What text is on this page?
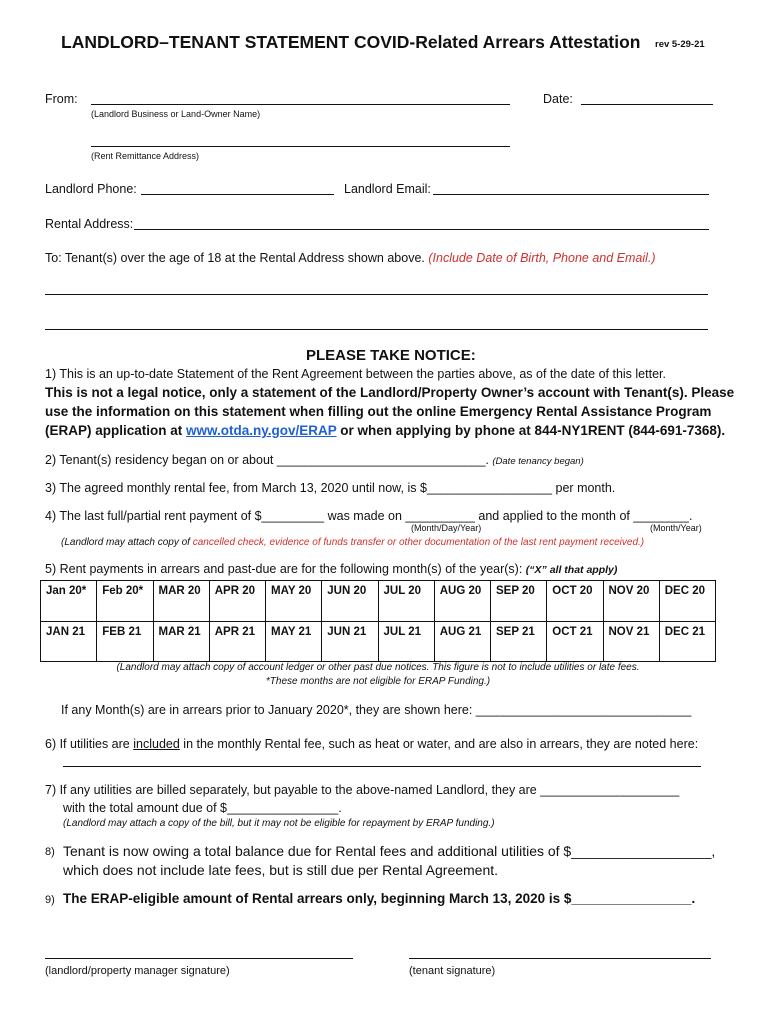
LANDLORD–TENANT STATEMENT COVID-Related Arrears Attestation rev 5-29-21
From:
(Landlord Business or Land-Owner Name)
Date:
(Rent Remittance Address)
Landlord Phone:	Landlord Email:
Rental Address:
To: Tenant(s) over the age of 18 at the Rental Address shown above. (Include Date of Birth, Phone and Email.)
PLEASE TAKE NOTICE:
1) This is an up-to-date Statement of the Rent Agreement between the parties above, as of the date of this letter.
This is not a legal notice, only a statement of the Landlord/Property Owner’s account with Tenant(s). Please
use the information on this statement when filling out the online Emergency Rental Assistance Program
(ERAP) application at www.otda.ny.gov/ERAP or when applying by phone at 844-NY1RENT (844-691-7368).
2) Tenant(s) residency began on or about ______________________________. (Date tenancy began)
3) The agreed monthly rental fee, from March 13, 2020 until now, is $__________________ per month.
4) The last full/partial rent payment of $_________ was made on __________ and applied to the month of ________.
(Month/Day/Year)	(Month/Year)
(Landlord may attach copy of cancelled check, evidence of funds transfer or other documentation of the last rent payment received.)
5) Rent payments in arrears and past-due are for the following month(s) of the year(s): (“X” all that apply)
Jan 20*	Feb 20*	MAR 20	APR 20	MAY 20	JUN 20	JUL 20	AUG 20	SEP 20	OCT 20	NOV 20	DEC 20
JAN 21	FEB 21	MAR 21	APR 21	MAY 21	JUN 21	JUL 21	AUG 21	SEP 21	OCT 21	NOV 21	DEC 21
(Landlord may attach copy of account ledger or other past due notices. This figure is not to include utilities or late fees.
*These months are not eligible for ERAP Funding.)
If any Month(s) are in arrears prior to January 2020*, they are shown here: _______________________________
6) If utilities are included in the monthly Rental fee, such as heat or water, and are also in arrears, they are noted here:
7) If any utilities are billed separately, but payable to the above-named Landlord, they are ____________________
with the total amount due of $________________.
(Landlord may attach a copy of the bill, but it may not be eligible for repayment by ERAP funding.)
8) Tenant is now owing a total balance due for Rental fees and additional utilities of $__________________,
which does not include late fees, but is still due per Rental Agreement.
9) The ERAP-eligible amount of Rental arrears only, beginning March 13, 2020 is $________________.
(landlord/property manager signature)	(tenant signature)
